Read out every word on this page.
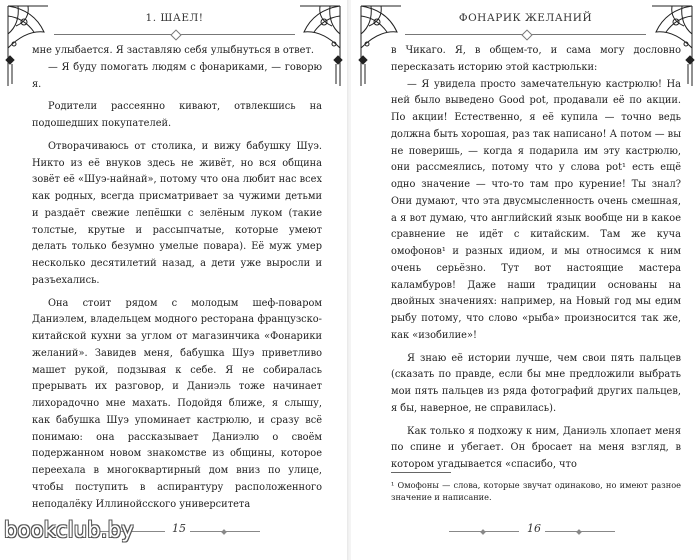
1. ШАЕЛ!

мне улыбается. Я заставляю себя улыбнуться в ответ.

— Я буду помогать людям с фонариками, — говорю я.

Родители рассеянно кивают, отвлекшись на подошедших покупателей.

Отворачиваюсь от столика, и вижу бабушку Шуэ. Никто из её внуков здесь не живёт, но вся община зовёт её «Шуэ-найнай», потому что она любит нас всех как родных, всегда присматривает за чужими детьми и раздаёт свежие лепёшки с зелёным луком (такие толстые, крутые и рассыпчатые, которые умеют делать только безумно умелые повара). Её муж умер несколько десятилетий назад, а дети уже выросли и разъехались.

Она стоит рядом с молодым шеф-поваром Даниэлем, владельцем модного ресторана французско-китайской кухни за углом от магазинчика «Фонарики желаний». Завидев меня, бабушка Шуэ приветливо машет рукой, подзывая к себе. Я не собиралась прерывать их разговор, и Даниэль тоже начинает лихорадочно мне махать. Подойдя ближе, я слышу, как бабушка Шуэ упоминает кастрюлю, и сразу всё понимаю: она рассказывает Даниэлю о своём подержанном новом знакомстве из общины, которое переехала в многоквартирный дом вниз по улице, чтобы поступить в аспирантуру расположенного неподалёку Иллинойсского университета

15
ФОНАРИК ЖЕЛАНИЙ

в Чикаго. Я, в общем-то, и сама могу дословно пересказать историю этой кастрюльки:

— Я увидела просто замечательную кастрюлю! На ней было выведено Good pot, продавали её по акции. По акции! Естественно, я её купила — точно ведь должна быть хорошая, раз так написано! А потом — вы не поверишь, — когда я подарила им эту кастрюлю, они рассмеялись, потому что у слова pot¹ есть ещё одно значение — что-то там про курение! Ты знал? Они думают, что эта двусмысленность очень смешная, а я вот думаю, что английский язык вообще ни в какое сравнение не идёт с китайским. Там же куча омофонов¹ и разных идиом, и мы относимся к ним очень серьёзно. Тут вот настоящие мастера каламбуров! Даже наши традиции основаны на двойных значениях: например, на Новый год мы едим рыбу потому, что слово «рыба» произносится так же, как «изобилие»!

Я знаю её истории лучше, чем свои пять пальцев (сказать по правде, если бы мне предложили выбрать мои пять пальцев из ряда фотографий других пальцев, я бы, наверное, не справилась).

Как только я подхожу к ним, Даниэль хлопает меня по спине и убегает. Он бросает на меня взгляд, в котором угадывается «спасибо, что

¹ Омофоны — слова, которые звучат одинаково, но имеют разное значение и написание.
16
bookclub.by
